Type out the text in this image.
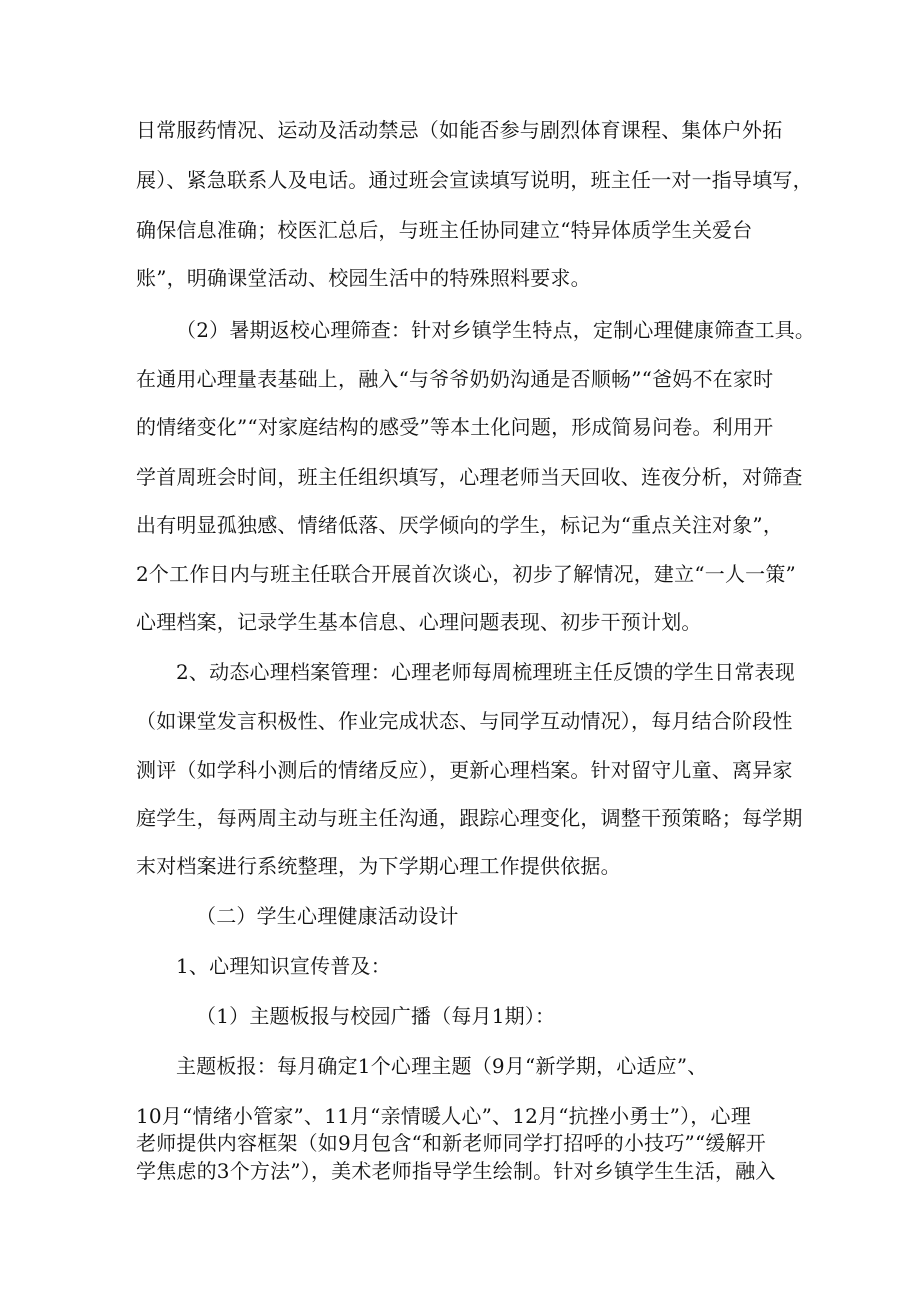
日常服药情况、运动及活动禁忌（如能否参与剧烈体育课程、集体户外拓

展）、紧急联系人及电话。通过班会宣读填写说明，班主任一对一指导填写，

确保信息准确；校医汇总后，与班主任协同建立“特异体质学生关爱台

账”，明确课堂活动、校园生活中的特殊照料要求。

（2）暑期返校心理筛查：针对乡镇学生特点，定制心理健康筛查工具。

在通用心理量表基础上，融入“与爷爷奶奶沟通是否顺畅”“爸妈不在家时

的情绪变化”“对家庭结构的感受”等本土化问题，形成简易问卷。利用开

学首周班会时间，班主任组织填写，心理老师当天回收、连夜分析，对筛查

出有明显孤独感、情绪低落、厌学倾向的学生，标记为“重点关注对象”，

2个工作日内与班主任联合开展首次谈心，初步了解情况，建立“一人一策”

心理档案，记录学生基本信息、心理问题表现、初步干预计划。

2、动态心理档案管理：心理老师每周梳理班主任反馈的学生日常表现

（如课堂发言积极性、作业完成状态、与同学互动情况），每月结合阶段性

测评（如学科小测后的情绪反应），更新心理档案。针对留守儿童、离异家

庭学生，每两周主动与班主任沟通，跟踪心理变化，调整干预策略；每学期

末对档案进行系统整理，为下学期心理工作提供依据。

（二）学生心理健康活动设计

1、心理知识宣传普及：

（1）主题板报与校园广播（每月1期）：

主题板报：每月确定1个心理主题（9月“新学期，心适应”、

10月“情绪小管家”、11月“亲情暖人心”、12月“抗挫小勇士”），心理

老师提供内容框架（如9月包含“和新老师同学打招呼的小技巧”“缓解开

学焦虑的3个方法”），美术老师指导学生绘制。针对乡镇学生生活，融入
